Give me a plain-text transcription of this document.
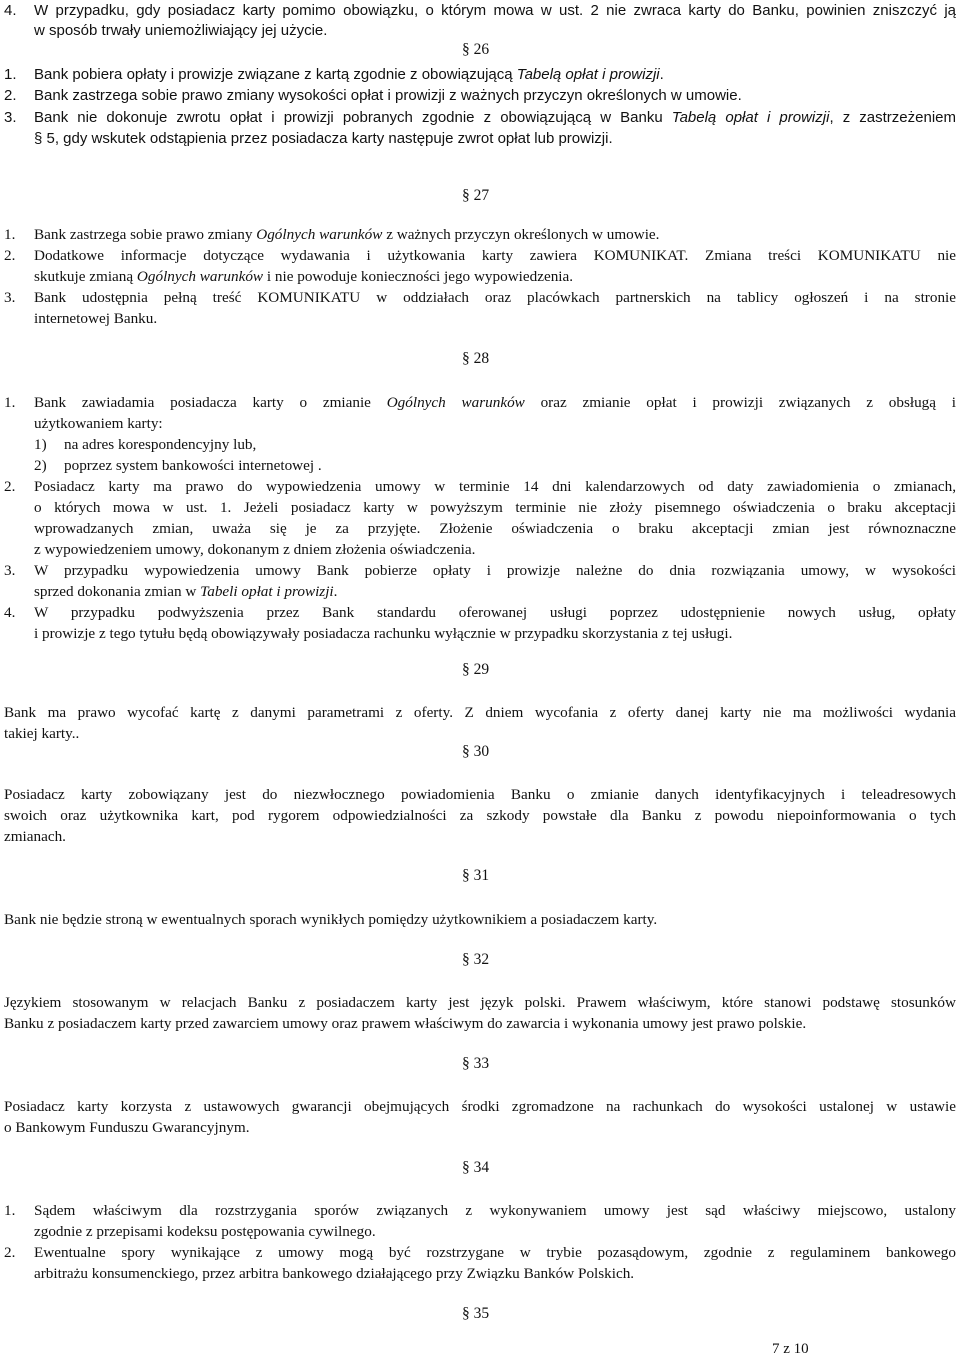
4. W przypadku, gdy posiadacz karty pomimo obowiązku, o którym mowa w ust. 2 nie zwraca karty do Banku, powinien zniszczyć ją
w sposób trwały uniemożliwiający jej użycie.
§ 26
1. Bank pobiera opłaty i prowizje związane z kartą zgodnie z obowiązującą Tabelą opłat i prowizji.
2. Bank zastrzega sobie prawo zmiany wysokości opłat i prowizji z ważnych przyczyn określonych w umowie.
3. Bank nie dokonuje zwrotu opłat i prowizji pobranych zgodnie z obowiązującą w Banku Tabelą opłat i prowizji, z zastrzeżeniem
§ 5, gdy wskutek odstąpienia przez posiadacza karty następuje zwrot opłat lub prowizji.
§ 27
1. Bank zastrzega sobie prawo zmiany Ogólnych warunków z ważnych przyczyn określonych w umowie.
2. Dodatkowe informacje dotyczące wydawania i użytkowania karty zawiera KOMUNIKAT. Zmiana treści KOMUNIKATU nie
skutkuje zmianą Ogólnych warunków i nie powoduje konieczności jego wypowiedzenia.
3. Bank udostępnia pełną treść KOMUNIKATU w oddziałach oraz placówkach partnerskich na tablicy ogłoszeń i na stronie
internetowej Banku.
§ 28
1. Bank zawiadamia posiadacza karty o zmianie Ogólnych warunków oraz zmianie opłat i prowizji związanych z obsługą i
użytkowaniem karty:
1) na adres korespondencyjny lub,
2) poprzez system bankowości internetowej .
2. Posiadacz karty ma prawo do wypowiedzenia umowy w terminie 14 dni kalendarzowych od daty zawiadomienia o zmianach,
o których mowa w ust. 1. Jeżeli posiadacz karty w powyższym terminie nie złoży pisemnego oświadczenia o braku akceptacji
wprowadzanych zmian, uważa się je za przyjęte. Złożenie oświadczenia o braku akceptacji zmian jest równoznaczne
z wypowiedzeniem umowy, dokonanym z dniem złożenia oświadczenia.
3. W przypadku wypowiedzenia umowy Bank pobierze opłaty i prowizje należne do dnia rozwiązania umowy, w wysokości
sprzed dokonania zmian w Tabeli opłat i prowizji.
4. W przypadku podwyższenia przez Bank standardu oferowanej usługi poprzez udostępnienie nowych usług, opłaty
i prowizje z tego tytułu będą obowiązywały posiadacza rachunku wyłącznie w przypadku skorzystania z tej usługi.
§ 29
Bank ma prawo wycofać kartę z danymi parametrami z oferty. Z dniem wycofania z oferty danej karty nie ma możliwości wydania
takiej karty..
§ 30
Posiadacz karty zobowiązany jest do niezwłocznego powiadomienia Banku o zmianie danych identyfikacyjnych i teleadresowych
swoich oraz użytkownika kart, pod rygorem odpowiedzialności za szkody powstałe dla Banku z powodu niepoinformowania o tych
zmianach.
§ 31
Bank nie będzie stroną w ewentualnych sporach wynikłych pomiędzy użytkownikiem a posiadaczem karty.
§ 32
Językiem stosowanym w relacjach Banku z posiadaczem karty jest język polski. Prawem właściwym, które stanowi podstawę stosunków
Banku z posiadaczem karty przed zawarciem umowy oraz prawem właściwym do zawarcia i wykonania umowy jest prawo polskie.
§ 33
Posiadacz karty korzysta z ustawowych gwarancji obejmujących środki zgromadzone na rachunkach do wysokości ustalonej w ustawie
o Bankowym Funduszu Gwarancyjnym.
§ 34
1. Sądem właściwym dla rozstrzygania sporów związanych z wykonywaniem umowy jest sąd właściwy miejscowo, ustalony
zgodnie z przepisami kodeksu postępowania cywilnego.
2. Ewentualne spory wynikające z umowy mogą być rozstrzygane w trybie pozasądowym, zgodnie z regulaminem bankowego
arbitrażu konsumenckiego, przez arbitra bankowego działającego przy Związku Banków Polskich.
§ 35
7 z 10
